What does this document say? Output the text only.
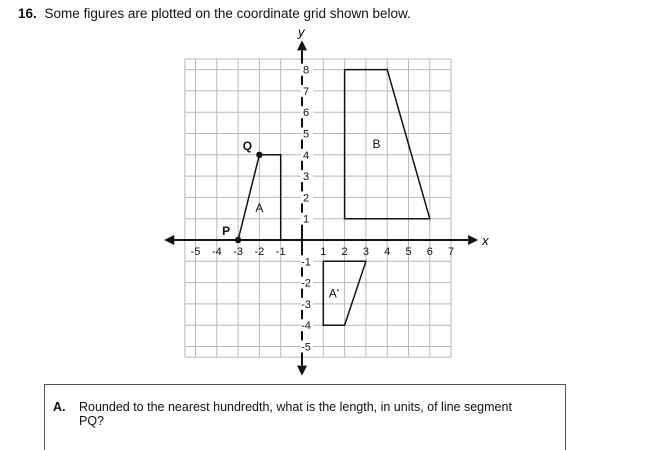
16. Some figures are plotted on the coordinate grid shown below.
x
y
-5 -4 -3 -2 -1	1 2 3 4 5 6 7
8
7
6
5
4
3
2
1
-1
-2
-3
-4
-5
A
B
A'
P
Q
A. Rounded to the nearest hundredth, what is the length, in units, of line segment PQ?
